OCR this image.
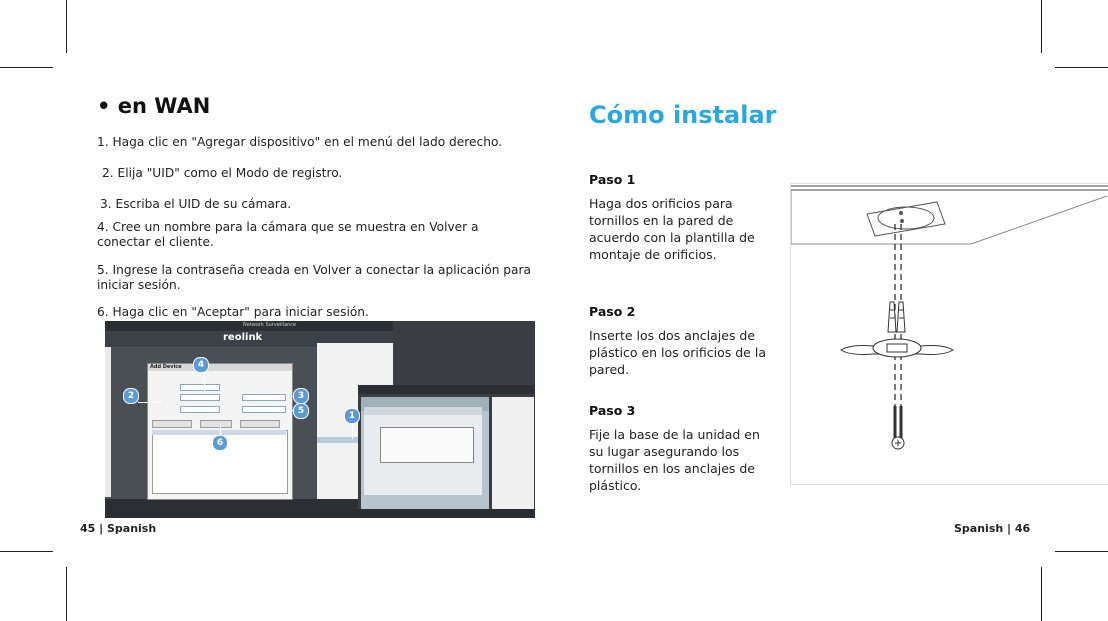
• en WAN

1. Haga clic en "Agregar dispositivo" en el menú del lado derecho.

2. Elija "UID" como el Modo de registro.

3. Escriba el UID de su cámara.

4. Cree un nombre para la cámara que se muestra en Volver a conectar el cliente.

5. Ingrese la contraseña creada en Volver a conectar la aplicación para iniciar sesión.

6. Haga clic en "Aceptar" para iniciar sesión.

reolink
Network Surveillance
Add Device	4
2	3
5	1
6
45 | Spanish
Cómo instalar

Paso 1

Haga dos orificios para tornillos en la pared de acuerdo con la plantilla de montaje de orificios.

Paso 2

Inserte los dos anclajes de plástico en los orificios de la pared.

Paso 3

Fije la base de la unidad en su lugar asegurando los tornillos en los anclajes de plástico.

Spanish | 46
